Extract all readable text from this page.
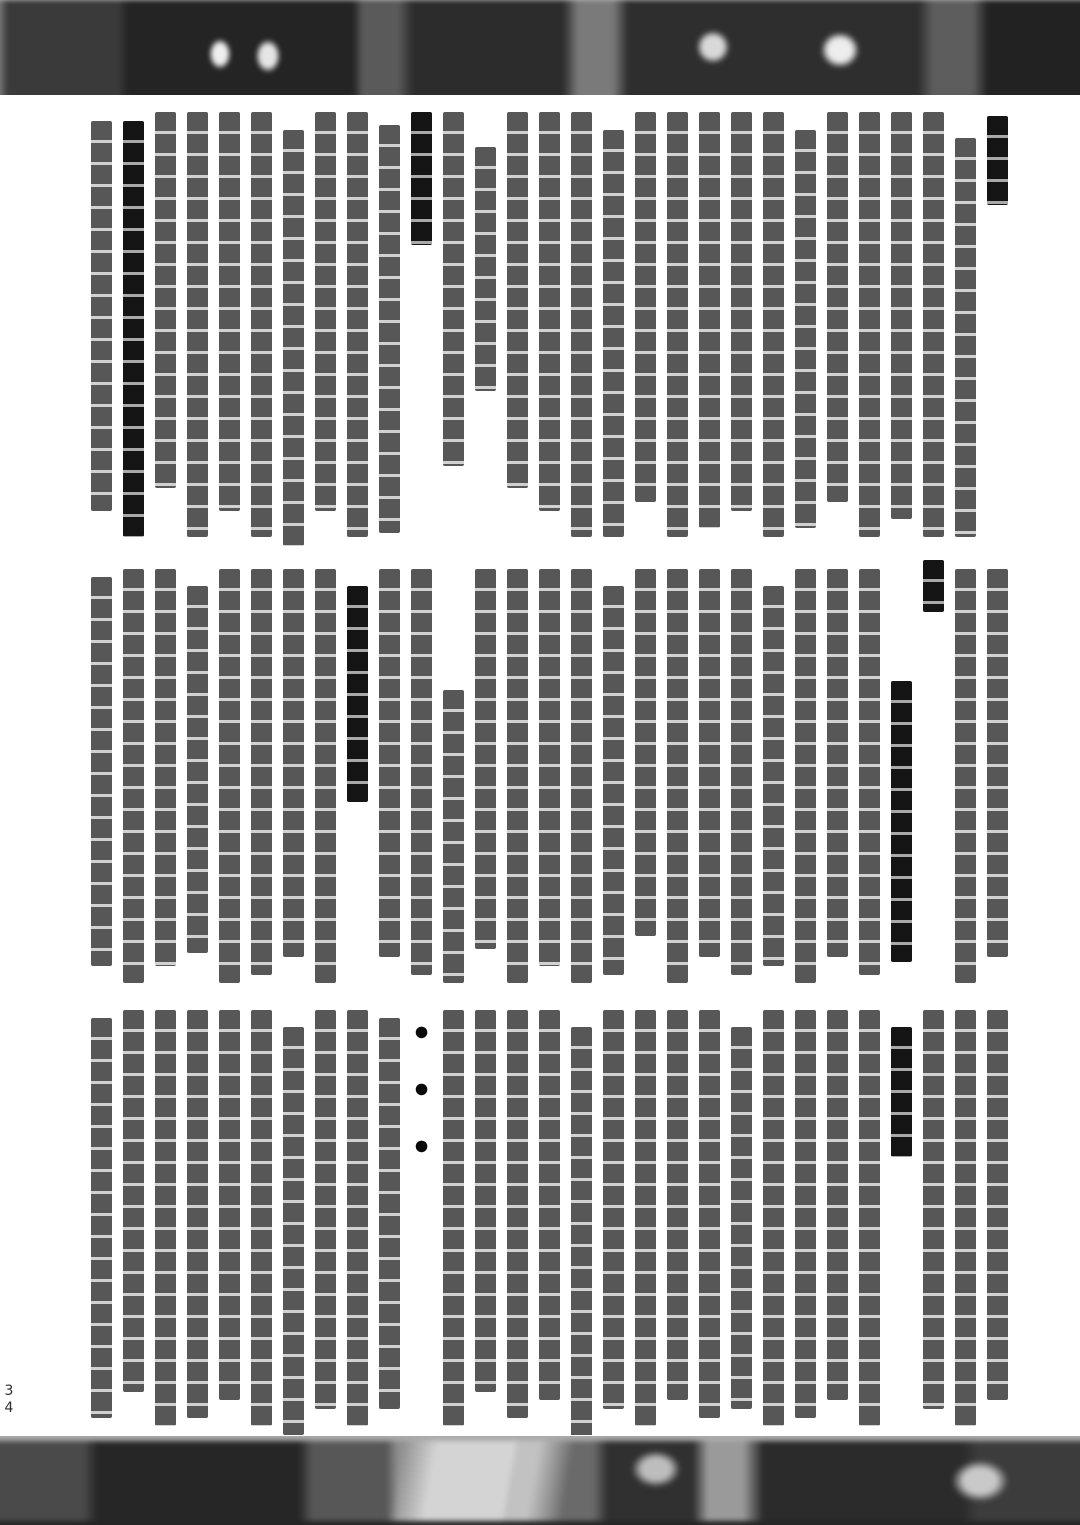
●
●
●
34
